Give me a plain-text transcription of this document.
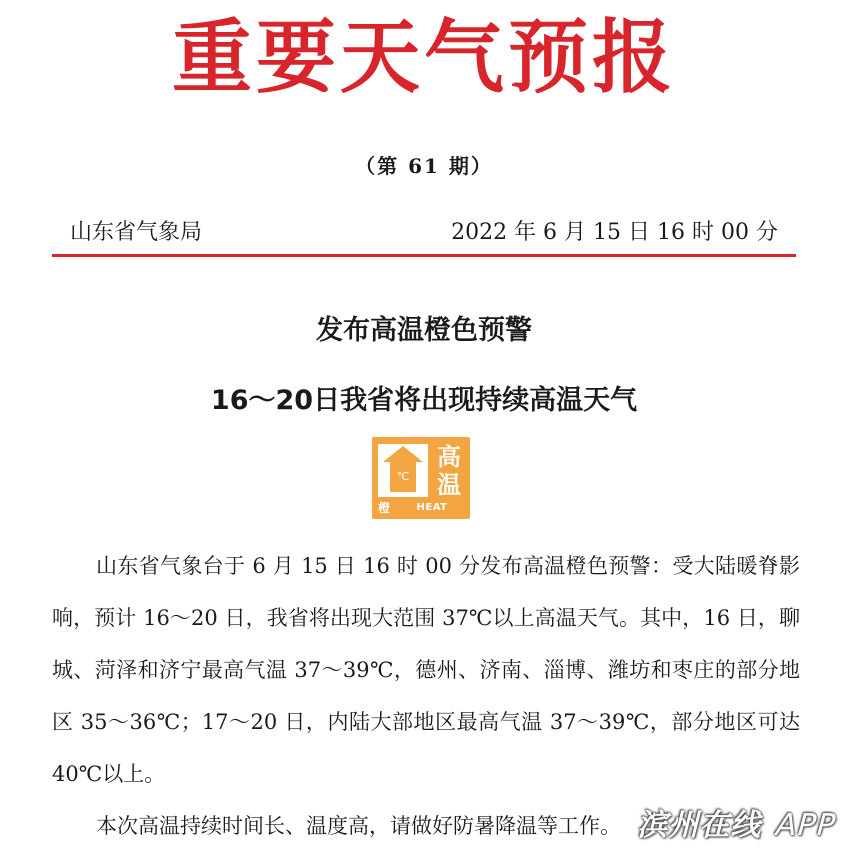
重要天气预报
（第 61 期）
山东省气象局	2022 年 6 月 15 日 16 时 00 分
发布高温橙色预警
16～20日我省将出现持续高温天气
℃
高
温
橙	HEAT WAVE
山东省气象台于 6 月 15 日 16 时 00 分发布高温橙色预警：受大陆暖脊影响，预计 16～20 日，我省将出现大范围 37℃以上高温天气。其中，16 日，聊城、菏泽和济宁最高气温 37～39℃，德州、济南、淄博、潍坊和枣庄的部分地区 35～36℃；17～20 日，内陆大部地区最高气温 37～39℃，部分地区可达 40℃以上。
本次高温持续时间长、温度高，请做好防暑降温等工作。 滨州在线 APP
